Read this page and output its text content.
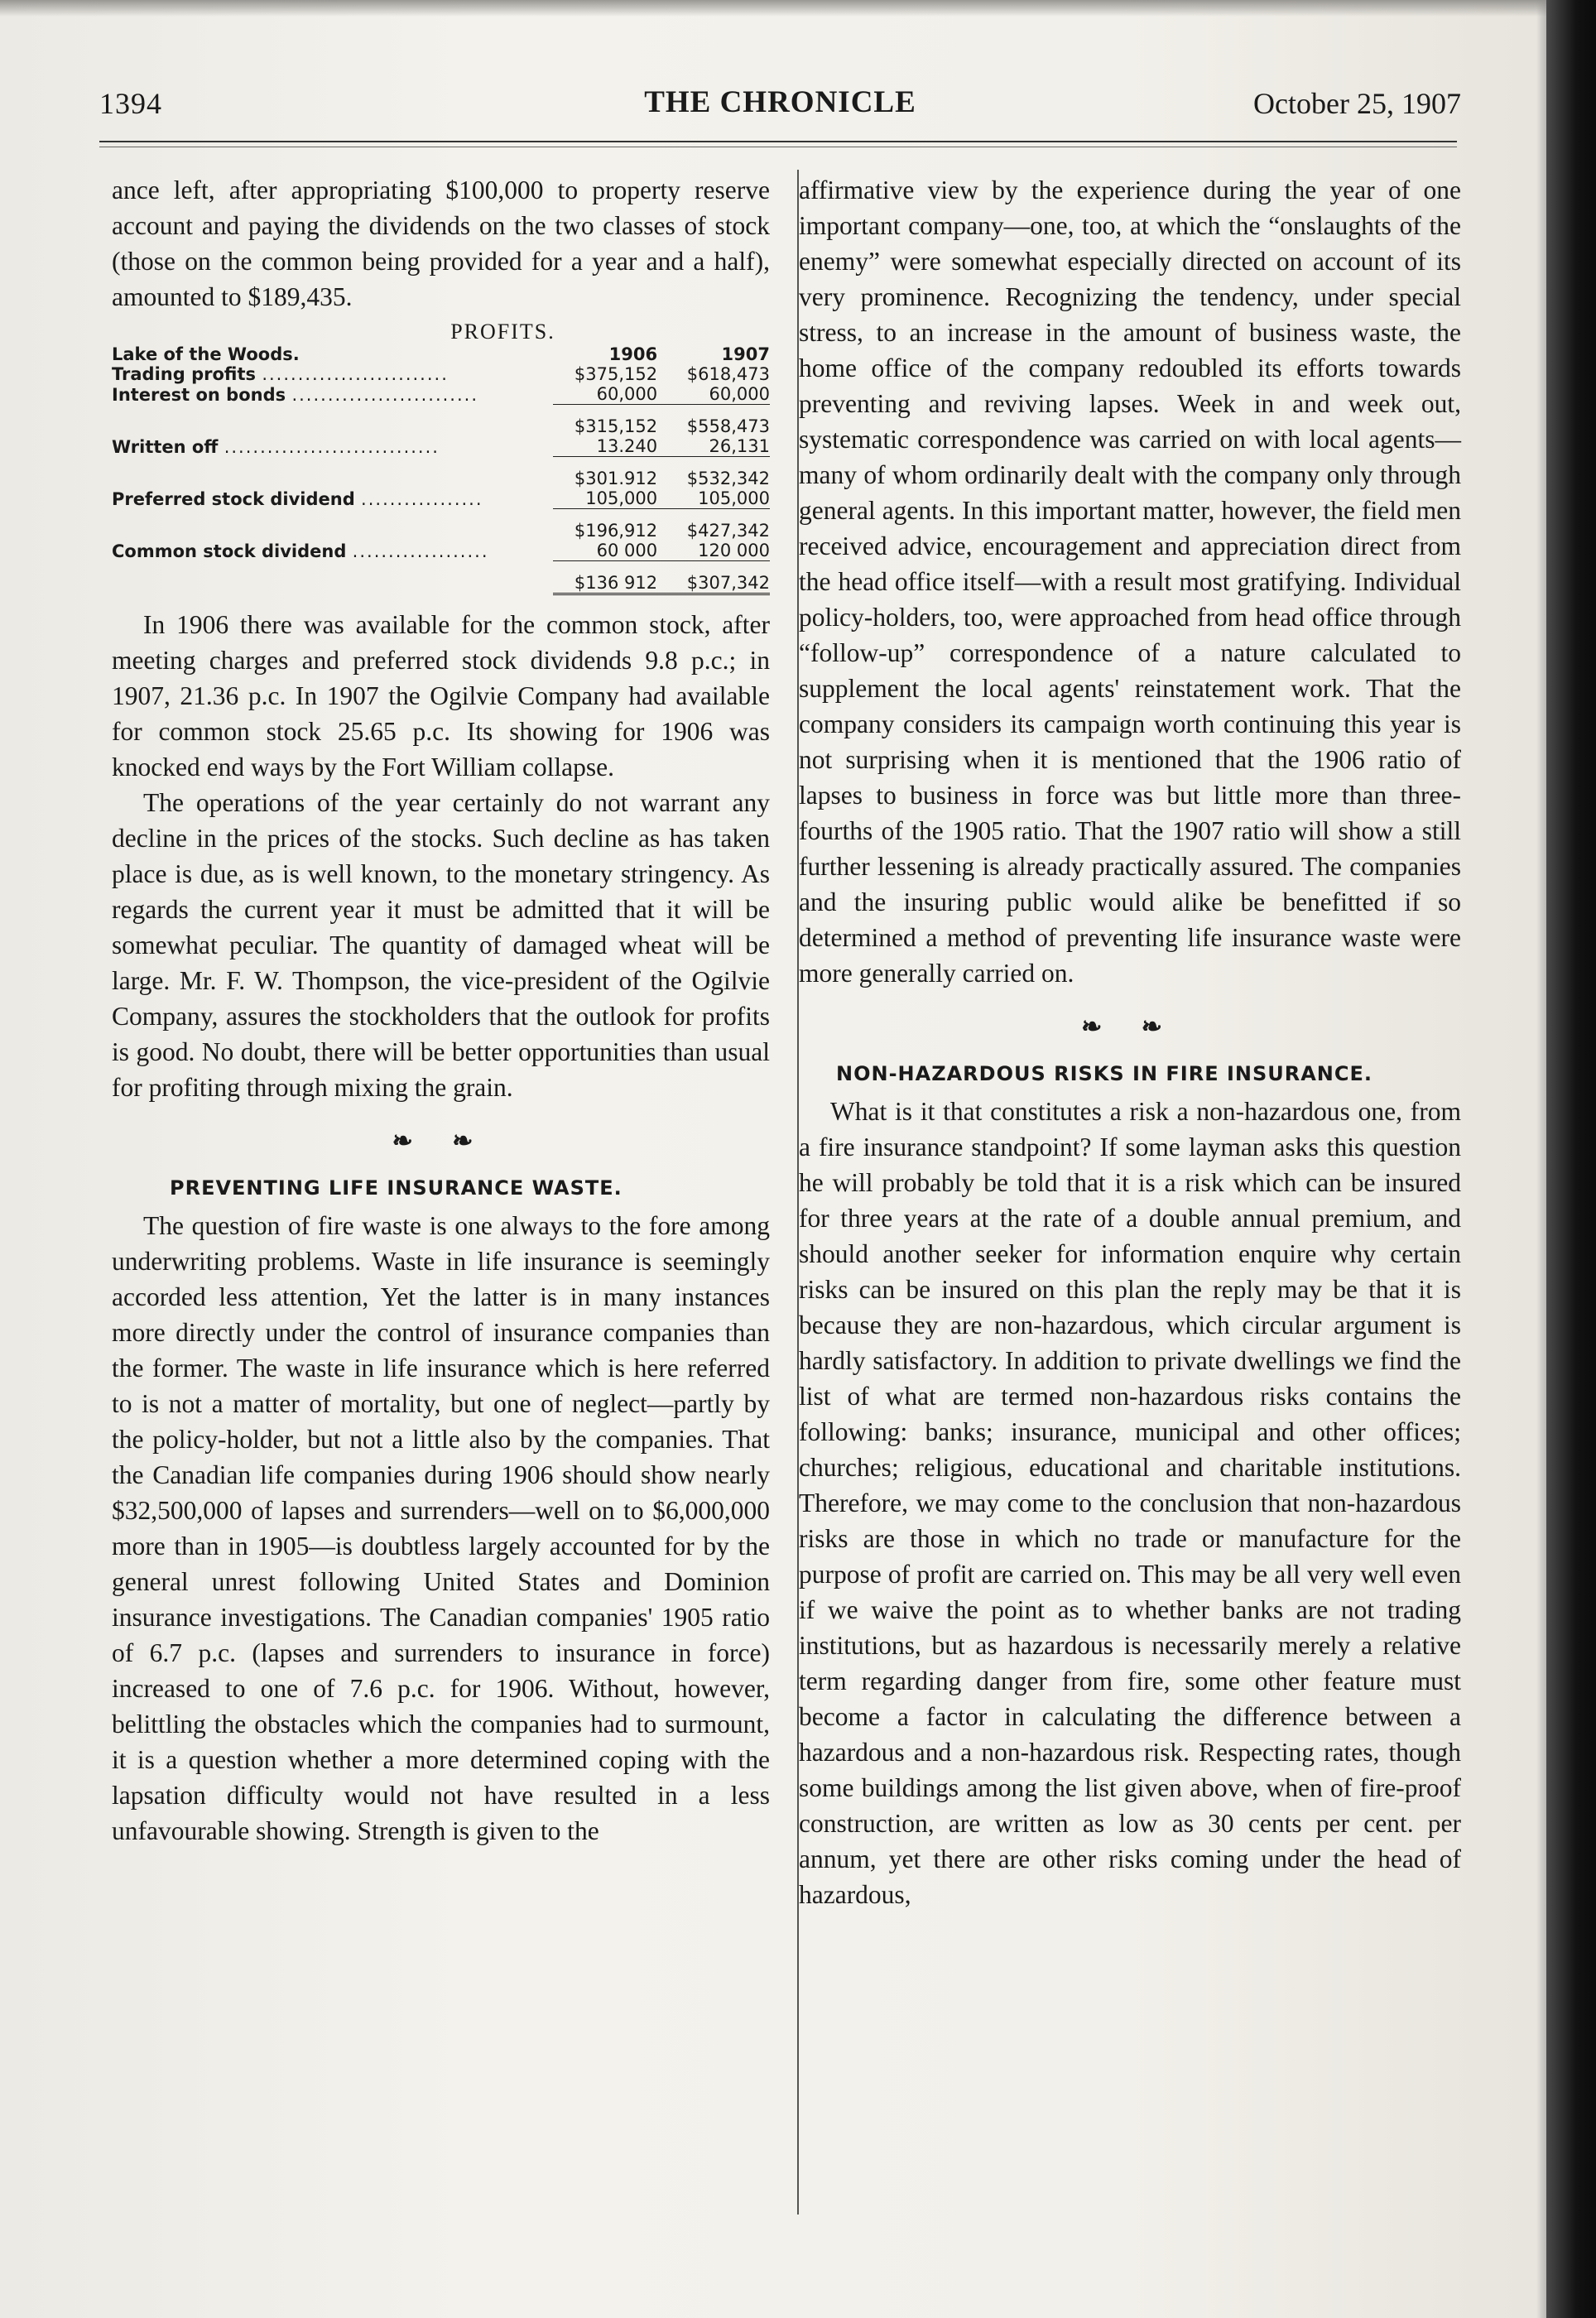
1394	THE CHRONICLE	October 25, 1907

ance left, after appropriating $100,000 to property reserve account and paying the dividends on the two classes of stock (those on the common being provided for a year and a half), amounted to $189,435.

PROFITS.
Lake of the Woods.	1906	1907
Trading profits ..........................	$375,152	$618,473
Interest on bonds ..........................	60,000	60,000

	$315,152	$558,473
Written off ..............................	13.240	26,131

	$301.912	$532,342
Preferred stock dividend .................	105,000	105,000

	$196,912	$427,342
Common stock dividend ...................	60 000	120 000

	$136 912	$307,342

In 1906 there was available for the common stock, after meeting charges and preferred stock dividends 9.8 p.c.; in 1907, 21.36 p.c. In 1907 the Ogilvie Company had available for common stock 25.65 p.c. Its showing for 1906 was knocked end ways by the Fort William collapse.

The operations of the year certainly do not warrant any decline in the prices of the stocks. Such decline as has taken place is due, as is well known, to the monetary stringency. As regards the current year it must be admitted that it will be somewhat peculiar. The quantity of damaged wheat will be large. Mr. F. W. Thompson, the vice-president of the Ogilvie Company, assures the stockholders that the outlook for profits is good. No doubt, there will be better opportunities than usual for profiting through mixing the grain.

❧ ❧
PREVENTING LIFE INSURANCE WASTE.

The question of fire waste is one always to the fore among underwriting problems. Waste in life insurance is seemingly accorded less attention, Yet the latter is in many instances more directly under the control of insurance companies than the former. The waste in life insurance which is here referred to is not a matter of mortality, but one of neglect—partly by the policy-holder, but not a little also by the companies. That the Canadian life companies during 1906 should show nearly $32,500,000 of lapses and surrenders—well on to $6,000,000 more than in 1905—is doubtless largely accounted for by the general unrest following United States and Dominion insurance investigations. The Canadian companies' 1905 ratio of 6.7 p.c. (lapses and surrenders to insurance in force) increased to one of 7.6 p.c. for 1906. Without, however, belittling the obstacles which the companies had to surmount, it is a question whether a more determined coping with the lapsation difficulty would not have resulted in a less unfavourable showing. Strength is given to the

affirmative view by the experience during the year of one important company—one, too, at which the “onslaughts of the enemy” were somewhat especially directed on account of its very prominence. Recognizing the tendency, under special stress, to an increase in the amount of business waste, the home office of the company redoubled its efforts towards preventing and reviving lapses. Week in and week out, systematic correspondence was carried on with local agents—many of whom ordinarily dealt with the company only through general agents. In this important matter, however, the field men received advice, encouragement and appreciation direct from the head office itself—with a result most gratifying. Individual policy-holders, too, were approached from head office through “follow-up” correspondence of a nature calculated to supplement the local agents' reinstatement work. That the company considers its campaign worth continuing this year is not surprising when it is mentioned that the 1906 ratio of lapses to business in force was but little more than three-fourths of the 1905 ratio. That the 1907 ratio will show a still further lessening is already practically assured. The companies and the insuring public would alike be benefitted if so determined a method of preventing life insurance waste were more generally carried on.

❧ ❧
NON-HAZARDOUS RISKS IN FIRE INSURANCE.

What is it that constitutes a risk a non-hazardous one, from a fire insurance standpoint? If some layman asks this question he will probably be told that it is a risk which can be insured for three years at the rate of a double annual premium, and should another seeker for information enquire why certain risks can be insured on this plan the reply may be that it is because they are non-hazardous, which circular argument is hardly satisfactory. In addition to private dwellings we find the list of what are termed non-hazardous risks contains the following: banks; insurance, municipal and other offices; churches; religious, educational and charitable institutions. Therefore, we may come to the conclusion that non-hazardous risks are those in which no trade or manufacture for the purpose of profit are carried on. This may be all very well even if we waive the point as to whether banks are not trading institutions, but as hazardous is necessarily merely a relative term regarding danger from fire, some other feature must become a factor in calculating the difference between a hazardous and a non-hazardous risk. Respecting rates, though some buildings among the list given above, when of fire-proof construction, are written as low as 30 cents per cent. per annum, yet there are other risks coming under the head of hazardous,
